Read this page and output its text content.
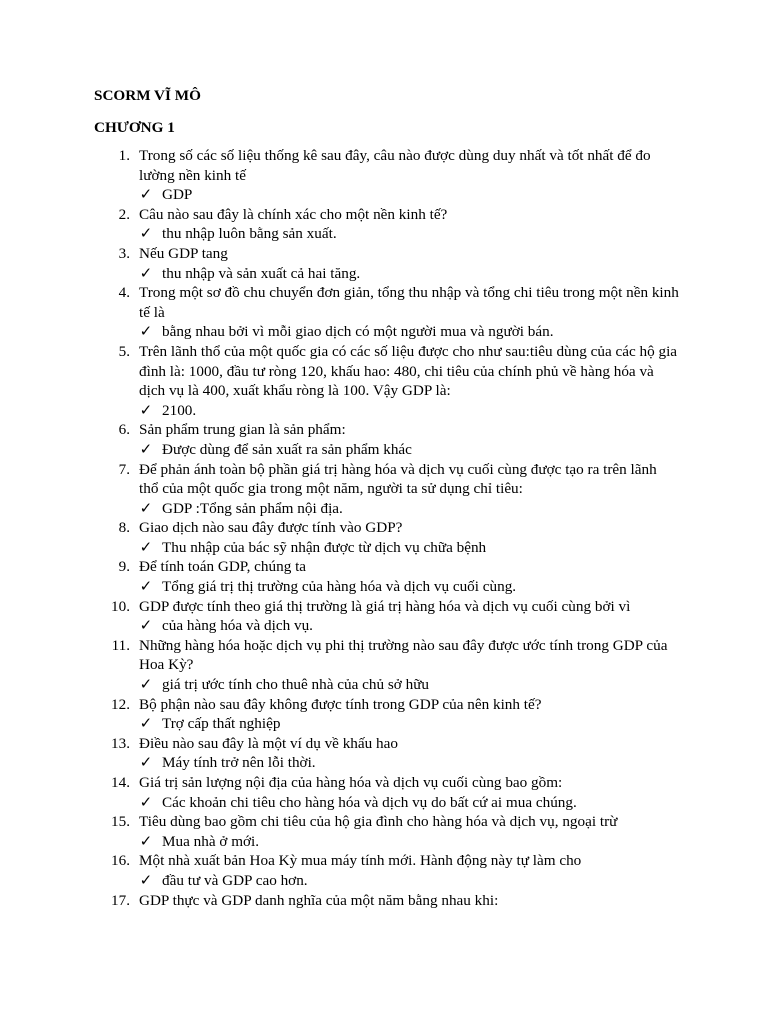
SCORM VĨ MÔ

CHƯƠNG 1

1. Trong số các số liệu thống kê sau đây, câu nào được dùng duy nhất và tốt nhất để đo lường nền kinh tế
✓ GDP
2. Câu nào sau đây là chính xác cho một nền kinh tế?
✓ thu nhập luôn bằng sản xuất.
3. Nếu GDP tang
✓ thu nhập và sản xuất cả hai tăng.
4. Trong một sơ đồ chu chuyển đơn giản, tổng thu nhập và tổng chi tiêu trong một nền kinh tế là
✓ bằng nhau bởi vì mỗi giao dịch có một người mua và người bán.
5. Trên lãnh thổ của một quốc gia có các số liệu được cho như sau:tiêu dùng của các hộ gia đình là: 1000, đầu tư ròng 120, khấu hao: 480, chi tiêu của chính phủ về hàng hóa và dịch vụ là 400, xuất khẩu ròng là 100. Vậy GDP là:
✓ 2100.
6. Sản phẩm trung gian là sản phẩm:
✓ Được dùng để sản xuất ra sản phẩm khác
7. Để phản ánh toàn bộ phần giá trị hàng hóa và dịch vụ cuối cùng được tạo ra trên lãnh thổ của một quốc gia trong một năm, người ta sử dụng chỉ tiêu:
✓ GDP :Tổng sản phẩm nội địa.
8. Giao dịch nào sau đây được tính vào GDP?
✓ Thu nhập của bác sỹ nhận được từ dịch vụ chữa bệnh
9. Để tính toán GDP, chúng ta
✓ Tổng giá trị thị trường của hàng hóa và dịch vụ cuối cùng.
10. GDP được tính theo giá thị trường là giá trị hàng hóa và dịch vụ cuối cùng bởi vì
✓ của hàng hóa và dịch vụ.
11. Những hàng hóa hoặc dịch vụ phi thị trường nào sau đây được ước tính trong GDP của Hoa Kỳ?
✓ giá trị ước tính cho thuê nhà của chủ sở hữu
12. Bộ phận nào sau đây không được tính trong GDP của nên kinh tế?
✓ Trợ cấp thất nghiệp
13. Điều nào sau đây là một ví dụ về khấu hao
✓ Máy tính trở nên lỗi thời.
14. Giá trị sản lượng nội địa của hàng hóa và dịch vụ cuối cùng bao gồm:
✓ Các khoản chi tiêu cho hàng hóa và dịch vụ do bất cứ ai mua chúng.
15. Tiêu dùng bao gồm chi tiêu của hộ gia đình cho hàng hóa và dịch vụ, ngoại trừ
✓ Mua nhà ở mới.
16. Một nhà xuất bản Hoa Kỳ mua máy tính mới. Hành động này tự làm cho
✓ đầu tư và GDP cao hơn.
17. GDP thực và GDP danh nghĩa của một năm bằng nhau khi:
